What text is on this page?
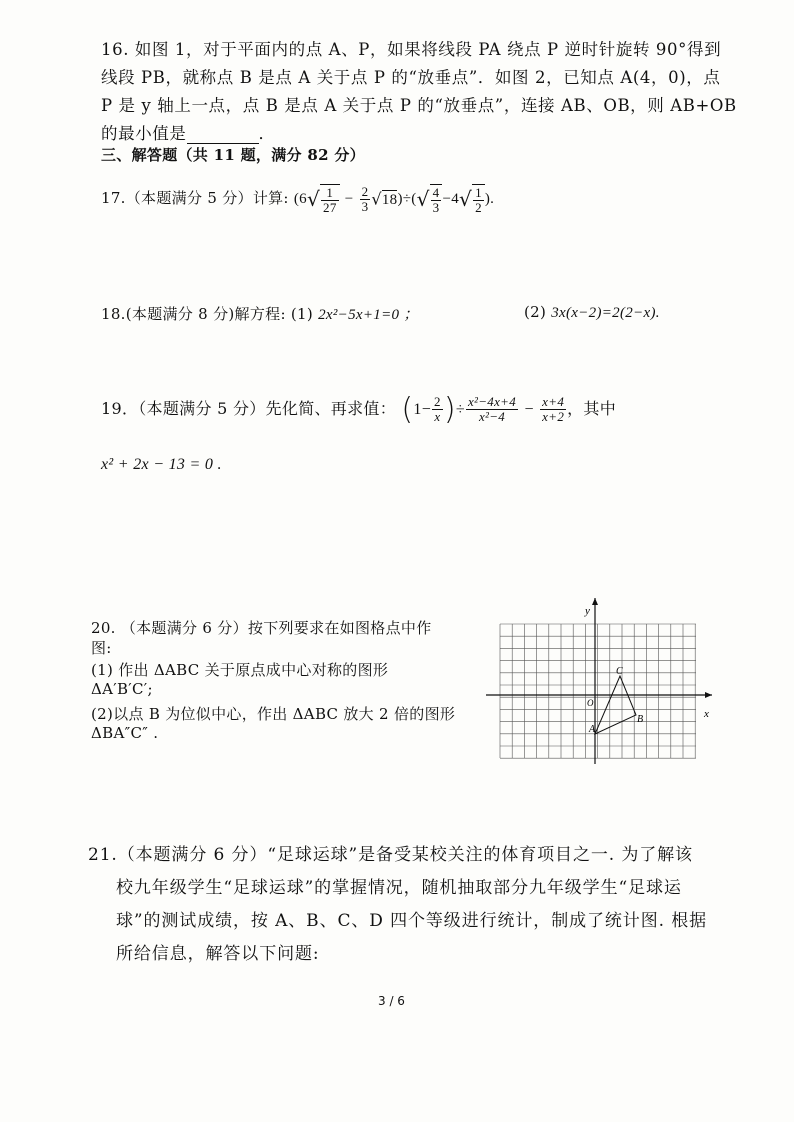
16. 如图 1，对于平面内的点 A、P，如果将线段 PA 绕点 P 逆时针旋转 90°得到
线段 PB，就称点 B 是点 A 关于点 P 的“放垂点”．如图 2，已知点 A(4，0)，点
P 是 y 轴上一点，点 B 是点 A 关于点 P 的“放垂点”，连接 AB、OB，则 AB+OB
的最小值是	．
三、解答题（共 11 题，满分 82 分）
17.（本题满分 5 分）计算: $(6√ \frac{1}{27} - \frac{2}{3} √18)\div(√ \frac{4}{3} -4√ \frac{1}{2}$ ).
18.(本题满分 8 分)解方程: (1) 2x²−5x+1=0 ；	(2) 3x(x−2)=2(2−x).
19．（本题满分 5 分）先化简、再求值： ($1- \frac{2}{x}$ )÷ $\frac{\text{x²−4x+4}}{\text{x²−4}} - \frac{x+4}{x+2}$ ，其中
x² + 2x − 13 = 0 .
20. （本题满分 6 分）按下列要求在如图格点中作
图:
(1) 作出 ΔABC 关于原点成中心对称的图形
ΔA′B′C′;
(2)以点 B 为位似中心，作出 ΔABC 放大 2 倍的图形
ΔBA″C″ .
y
x
O
A
B
C
21.（本题满分 6 分）“足球运球”是备受某校关注的体育项目之一. 为了解该
校九年级学生“足球运球”的掌握情况，随机抽取部分九年级学生“足球运
球”的测试成绩，按 A、B、C、D 四个等级进行统计，制成了统计图. 根据
所给信息，解答以下问题:
3 / 6
